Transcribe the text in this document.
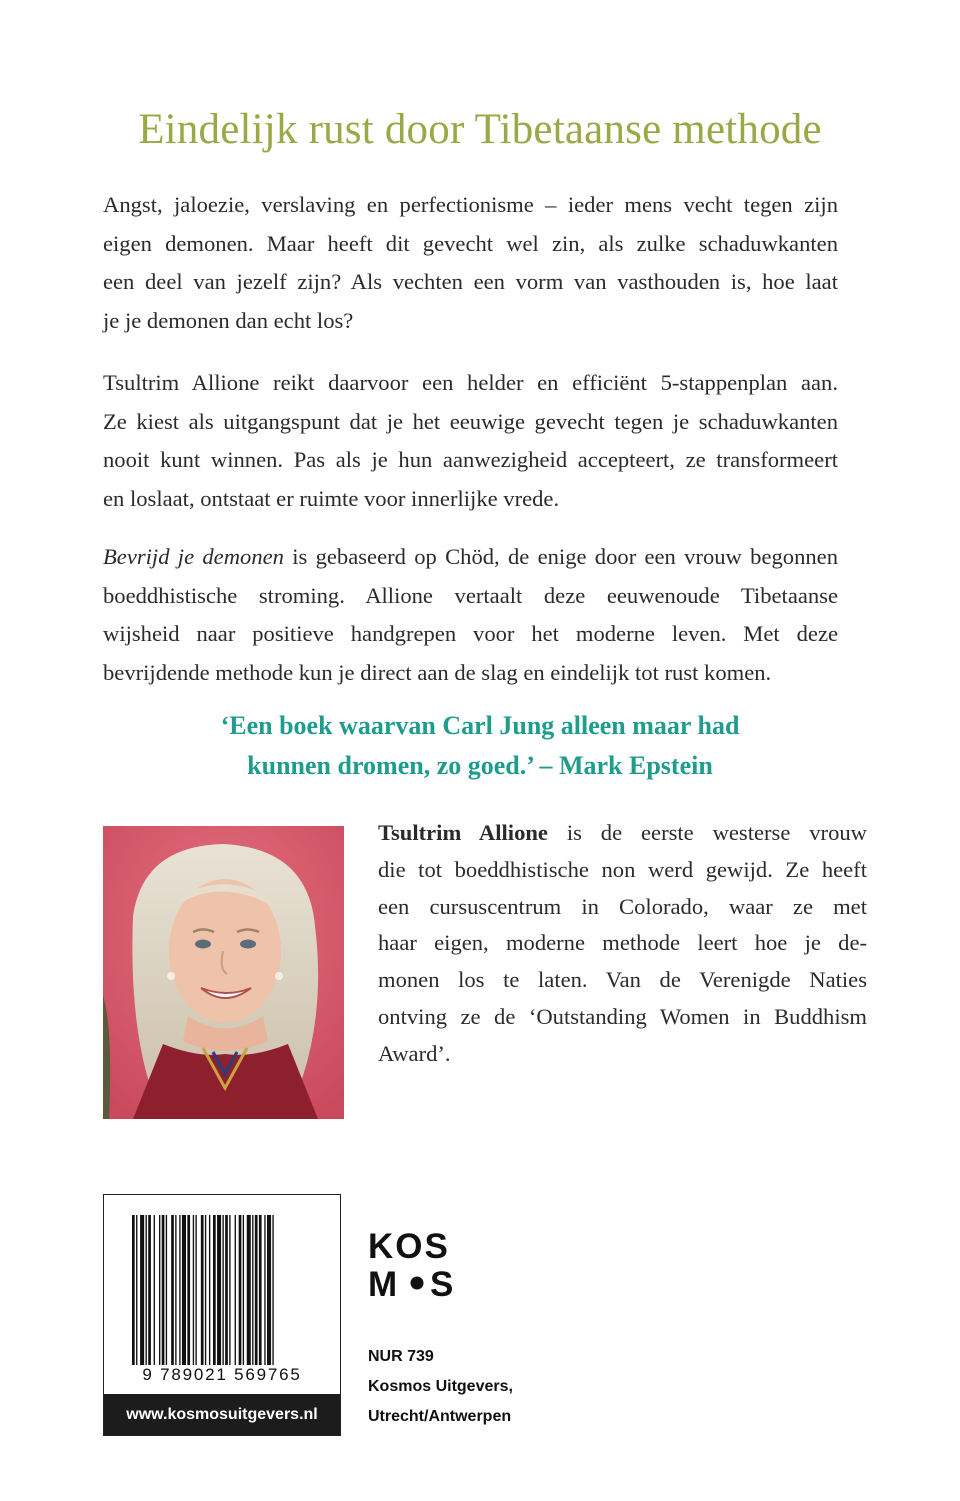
Eindelijk rust door Tibetaanse methode
Angst, jaloezie, verslaving en perfectionisme – ieder mens vecht tegen zijn
eigen demonen. Maar heeft dit gevecht wel zin, als zulke schaduwkanten
een deel van jezelf zijn? Als vechten een vorm van vasthouden is, hoe laat
je je demonen dan echt los?
Tsultrim Allione reikt daarvoor een helder en efficiënt 5-stappenplan aan.
Ze kiest als uitgangspunt dat je het eeuwige gevecht tegen je schaduwkanten
nooit kunt winnen. Pas als je hun aanwezigheid accepteert, ze transformeert
en loslaat, ontstaat er ruimte voor innerlijke vrede.
Bevrijd je demonen is gebaseerd op Chöd, de enige door een vrouw begonnen
boeddhistische stroming. Allione vertaalt deze eeuwenoude Tibetaanse
wijsheid naar positieve handgrepen voor het moderne leven. Met deze
bevrijdende methode kun je direct aan de slag en eindelijk tot rust komen.
‘Een boek waarvan Carl Jung alleen maar had
kunnen dromen, zo goed.’ – Mark Epstein
Tsultrim Allione is de eerste westerse vrouw
die tot boeddhistische non werd gewijd. Ze heeft
een cursuscentrum in Colorado, waar ze met
haar eigen, moderne methode leert hoe je de-
monen los te laten. Van de Verenigde Naties
ontving ze de ‘Outstanding Women in Buddhism
Award’.
9 789021 569765
www.kosmosuitgevers.nl
KOS
M S
NUR 739
Kosmos Uitgevers,
Utrecht/Antwerpen
